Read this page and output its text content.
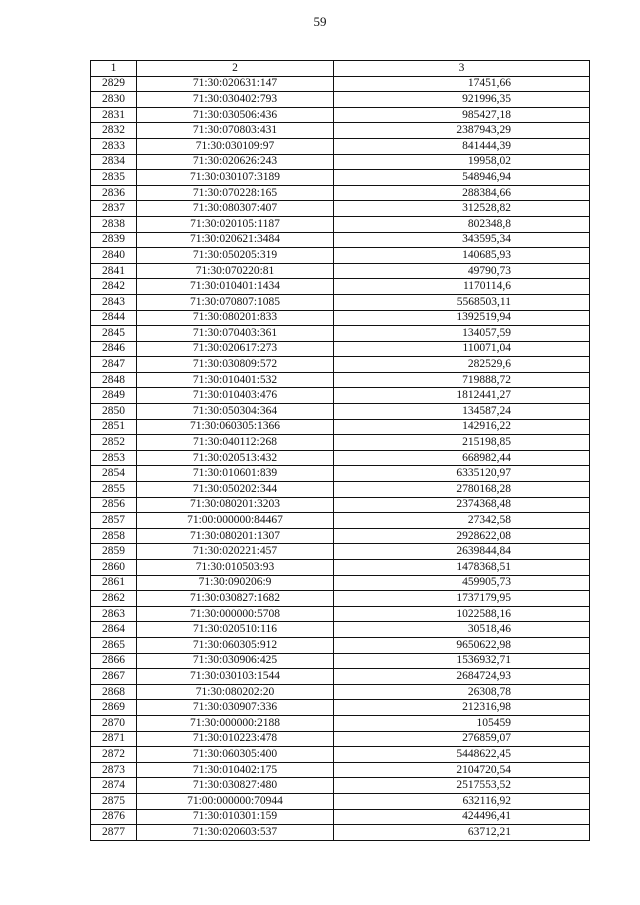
59
1	2	3
2829	71:30:020631:147	17451,66
2830	71:30:030402:793	921996,35
2831	71:30:030506:436	985427,18
2832	71:30:070803:431	2387943,29
2833	71:30:030109:97	841444,39
2834	71:30:020626:243	19958,02
2835	71:30:030107:3189	548946,94
2836	71:30:070228:165	288384,66
2837	71:30:080307:407	312528,82
2838	71:30:020105:1187	802348,8
2839	71:30:020621:3484	343595,34
2840	71:30:050205:319	140685,93
2841	71:30:070220:81	49790,73
2842	71:30:010401:1434	1170114,6
2843	71:30:070807:1085	5568503,11
2844	71:30:080201:833	1392519,94
2845	71:30:070403:361	134057,59
2846	71:30:020617:273	110071,04
2847	71:30:030809:572	282529,6
2848	71:30:010401:532	719888,72
2849	71:30:010403:476	1812441,27
2850	71:30:050304:364	134587,24
2851	71:30:060305:1366	142916,22
2852	71:30:040112:268	215198,85
2853	71:30:020513:432	668982,44
2854	71:30:010601:839	6335120,97
2855	71:30:050202:344	2780168,28
2856	71:30:080201:3203	2374368,48
2857	71:00:000000:84467	27342,58
2858	71:30:080201:1307	2928622,08
2859	71:30:020221:457	2639844,84
2860	71:30:010503:93	1478368,51
2861	71:30:090206:9	459905,73
2862	71:30:030827:1682	1737179,95
2863	71:30:000000:5708	1022588,16
2864	71:30:020510:116	30518,46
2865	71:30:060305:912	9650622,98
2866	71:30:030906:425	1536932,71
2867	71:30:030103:1544	2684724,93
2868	71:30:080202:20	26308,78
2869	71:30:030907:336	212316,98
2870	71:30:000000:2188	105459
2871	71:30:010223:478	276859,07
2872	71:30:060305:400	5448622,45
2873	71:30:010402:175	2104720,54
2874	71:30:030827:480	2517553,52
2875	71:00:000000:70944	632116,92
2876	71:30:010301:159	424496,41
2877	71:30:020603:537	63712,21
